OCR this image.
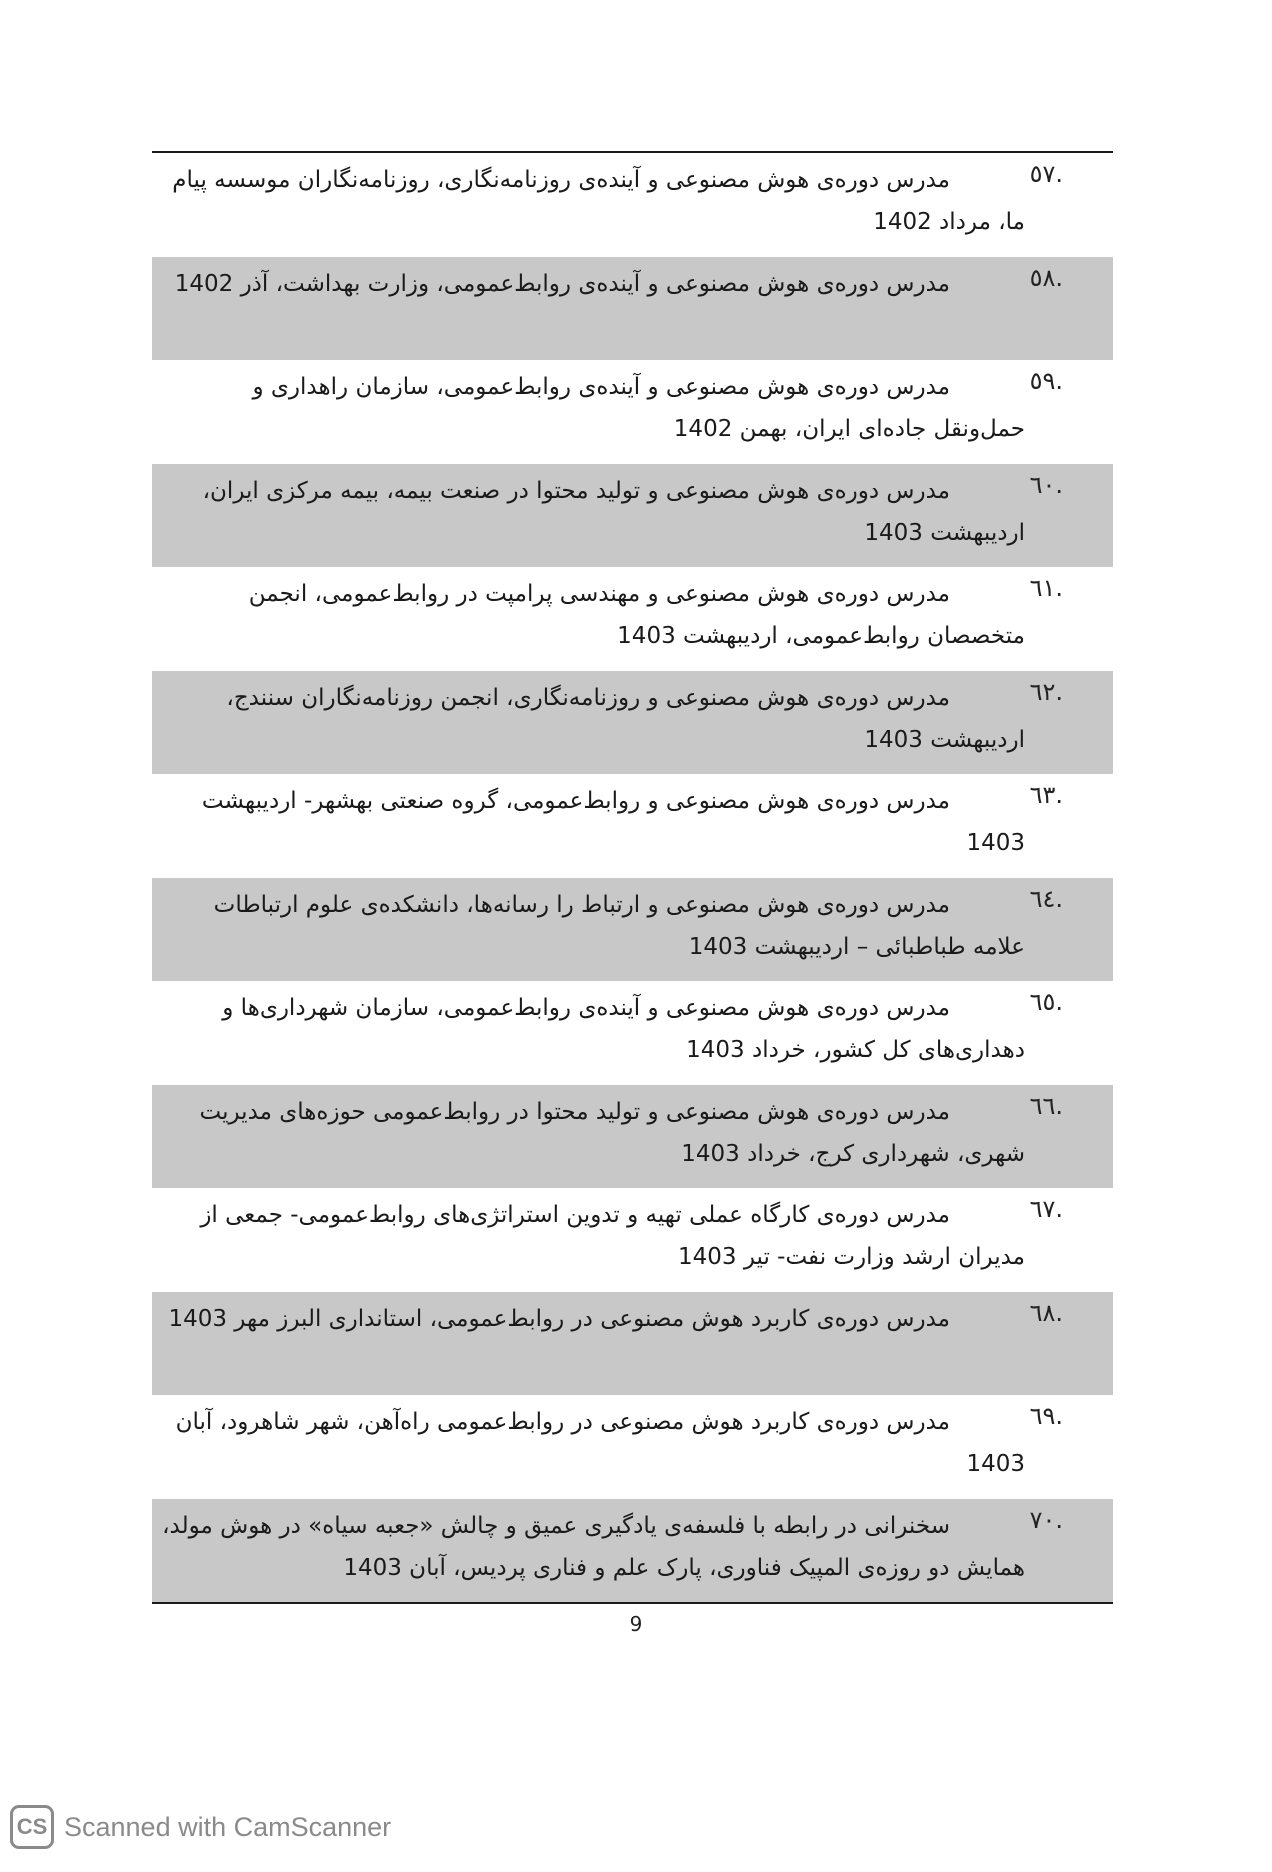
.٥٧
مدرس دوره‌ی هوش مصنوعی و آینده‌ی روزنامه‌نگاری، روزنامه‌نگاران موسسه پیام ما، مرداد 1402
.٥٨
مدرس دوره‌ی هوش مصنوعی و آینده‌ی روابط‌عمومی، وزارت بهداشت، آذر 1402
.٥٩
مدرس دوره‌ی هوش مصنوعی و آینده‌ی روابط‌عمومی، سازمان راهداری و حمل‌ونقل جاده‌ای ایران، بهمن 1402
.٦٠
مدرس دوره‌ی هوش مصنوعی و تولید محتوا در صنعت بیمه، بیمه مرکزی ایران، اردیبهشت 1403
.٦١
مدرس دوره‌ی هوش مصنوعی و مهندسی پرامپت در روابط‌عمومی، انجمن متخصصان روابط‌عمومی، اردیبهشت 1403
.٦٢
مدرس دوره‌ی هوش مصنوعی و روزنامه‌نگاری، انجمن روزنامه‌نگاران سنندج، اردیبهشت 1403
.٦٣
مدرس دوره‌ی هوش مصنوعی و روابط‌عمومی، گروه صنعتی بهشهر- اردیبهشت 1403
.٦٤
مدرس دوره‌ی هوش مصنوعی و ارتباط را رسانه‌ها، دانشکده‌ی علوم ارتباطات علامه طباطبائی – اردیبهشت 1403
.٦٥
مدرس دوره‌ی هوش مصنوعی و آینده‌ی روابط‌عمومی، سازمان شهرداری‌ها و دهداری‌های کل کشور، خرداد 1403
.٦٦
مدرس دوره‌ی هوش مصنوعی و تولید محتوا در روابط‌عمومی حوزه‌های مدیریت شهری، شهرداری کرج، خرداد 1403
.٦٧
مدرس دوره‌ی کارگاه عملی تهیه و تدوین استراتژی‌های روابط‌عمومی- جمعی از مدیران ارشد وزارت نفت- تیر 1403
.٦٨
مدرس دوره‌ی کاربرد هوش مصنوعی در روابط‌عمومی، استانداری البرز مهر 1403
.٦٩
مدرس دوره‌ی کاربرد هوش مصنوعی در روابط‌عمومی راه‌آهن، شهر شاهرود، آبان 1403
.٧٠
سخنرانی در رابطه با فلسفه‌ی یادگیری عمیق و چالش «جعبه سیاه» در هوش مولد، همایش دو روزه‌ی المپیک فناوری، پارک علم و فناری پردیس، آبان 1403
9
CS Scanned with CamScanner
